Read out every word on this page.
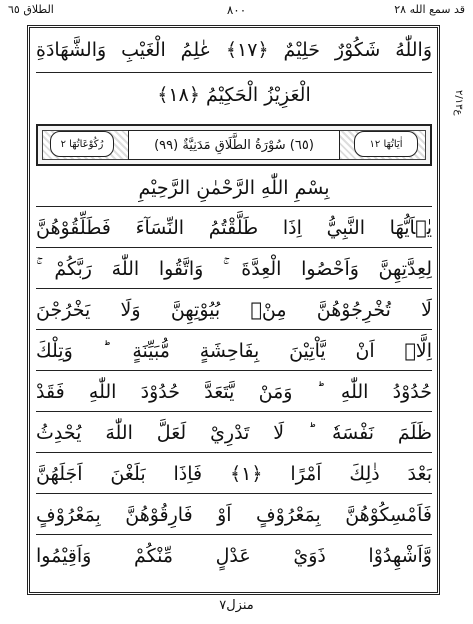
الطلاق ٦٥	٨٠٠	قد سمع الله ٢٨
ع٢/١٣
وَاللّٰهُ شَكُوْرٌ حَلِيْمٌ ﴿١٧﴾ عٰلِمُ الْغَيْبِ وَالشَّهَادَةِ
الْعَزِيْزُ الْحَكِيْمُ ﴿١٨﴾
اٰيَاتُهَا ١٢
رُكُوْعَاتُهَا ٢	(٦٥) سُوْرَةُ الطَّلَاقِ مَدَنِيَّةٌ (٩٩)
بِسْمِ اللّٰهِ الرَّحْمٰنِ الرَّحِيْمِ
يٰۤاَيُّهَا النَّبِيُّ اِذَا طَلَّقْتُمُ النِّسَآءَ فَطَلِّقُوْهُنَّ
لِعِدَّتِهِنَّ وَاَحْصُوا الْعِدَّةَ ۚ وَاتَّقُوا اللّٰهَ رَبَّكُمْ ۚ
لَا تُخْرِجُوْهُنَّ مِنْۢ بُيُوْتِهِنَّ وَلَا يَخْرُجْنَ
اِلَّاۤ اَنْ يَّاْتِيْنَ بِفَاحِشَةٍ مُّبَيِّنَةٍ ؕ وَتِلْكَ
حُدُوْدُ اللّٰهِ ؕ وَمَنْ يَّتَعَدَّ حُدُوْدَ اللّٰهِ فَقَدْ
ظَلَمَ نَفْسَهٗ ؕ لَا تَدْرِيْ لَعَلَّ اللّٰهَ يُحْدِثُ
بَعْدَ ذٰلِكَ اَمْرًا ﴿١﴾ فَاِذَا بَلَغْنَ اَجَلَهُنَّ
فَاَمْسِكُوْهُنَّ بِمَعْرُوْفٍ اَوْ فَارِقُوْهُنَّ بِمَعْرُوْفٍ
وَّاَشْهِدُوْا ذَوَيْ عَدْلٍ مِّنْكُمْ وَاَقِيْمُوا
منزل٧
